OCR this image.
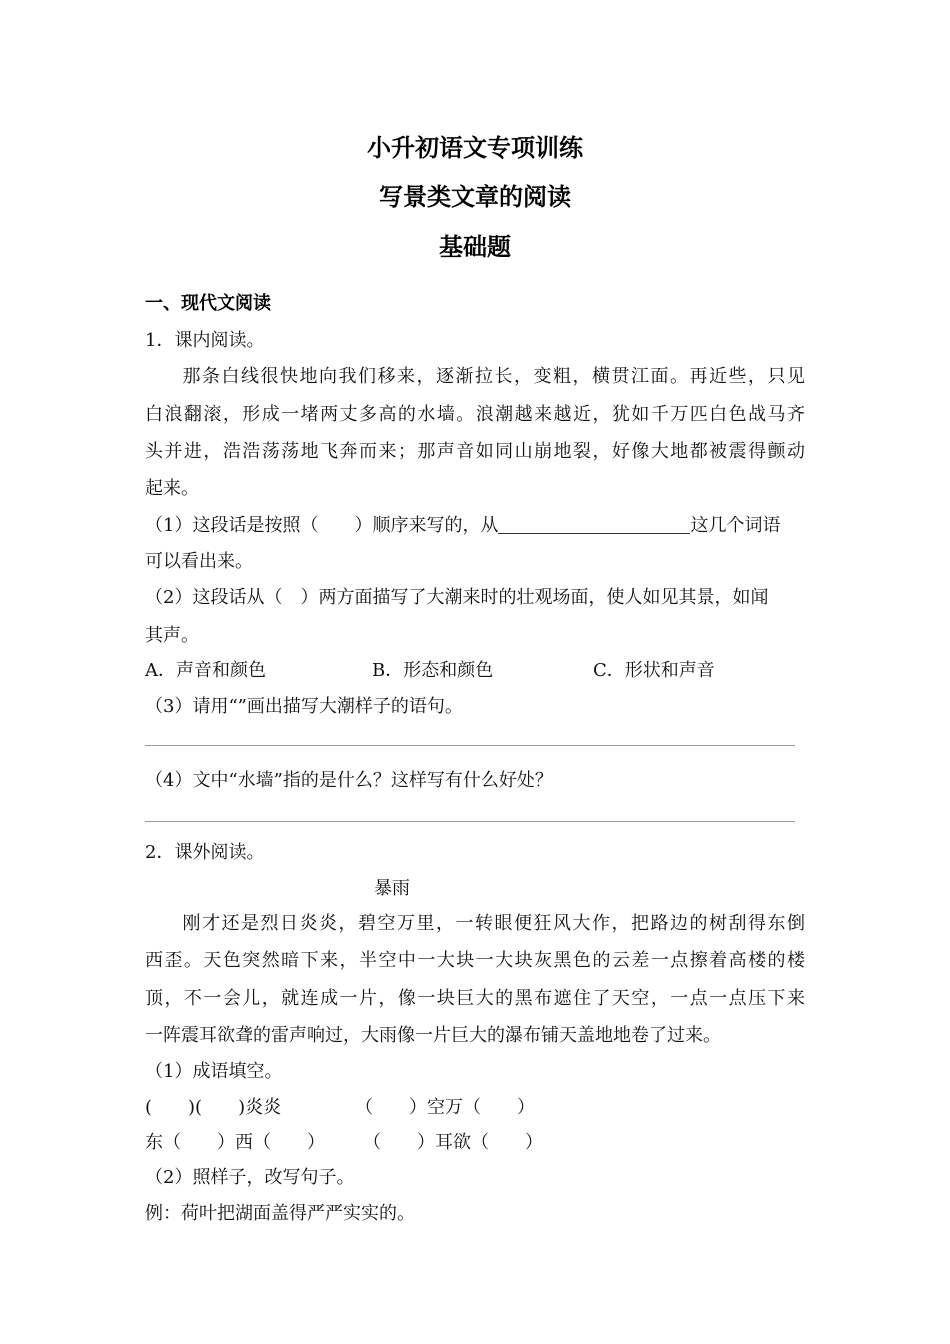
小升初语文专项训练
写景类文章的阅读
基础题
一、现代文阅读
1．课内阅读。
那条白线很快地向我们移来，逐渐拉长，变粗，横贯江面。再近些，只见
白浪翻滚，形成一堵两丈多高的水墙。浪潮越来越近，犹如千万匹白色战马齐
头并进，浩浩荡荡地飞奔而来；那声音如同山崩地裂，好像大地都被震得颤动
起来。
（1）这段话是按照（　　）顺序来写的，从	这几个词语
可以看出来。
（2）这段话从（　）两方面描写了大潮来时的壮观场面，使人如见其景，如闻
其声。
A．声音和颜色	B．形态和颜色	C．形状和声音
（3）请用“”画出描写大潮样子的语句。
（4）文中“水墙”指的是什么？这样写有什么好处？
2．课外阅读。
暴雨
刚才还是烈日炎炎，碧空万里，一转眼便狂风大作，把路边的树刮得东倒
西歪。天色突然暗下来，半空中一大块一大块灰黑色的云差一点擦着高楼的楼
顶，不一会儿，就连成一片，像一块巨大的黑布遮住了天空，一点一点压下来
一阵震耳欲聋的雷声响过，大雨像一片巨大的瀑布铺天盖地地卷了过来。
（1）成语填空。
(　　)(　　)炎炎	（　　）空万（　　）
东（　　）西（　　） （　　）耳欲（　　）
（2）照样子，改写句子。
例：荷叶把湖面盖得严严实实的。
